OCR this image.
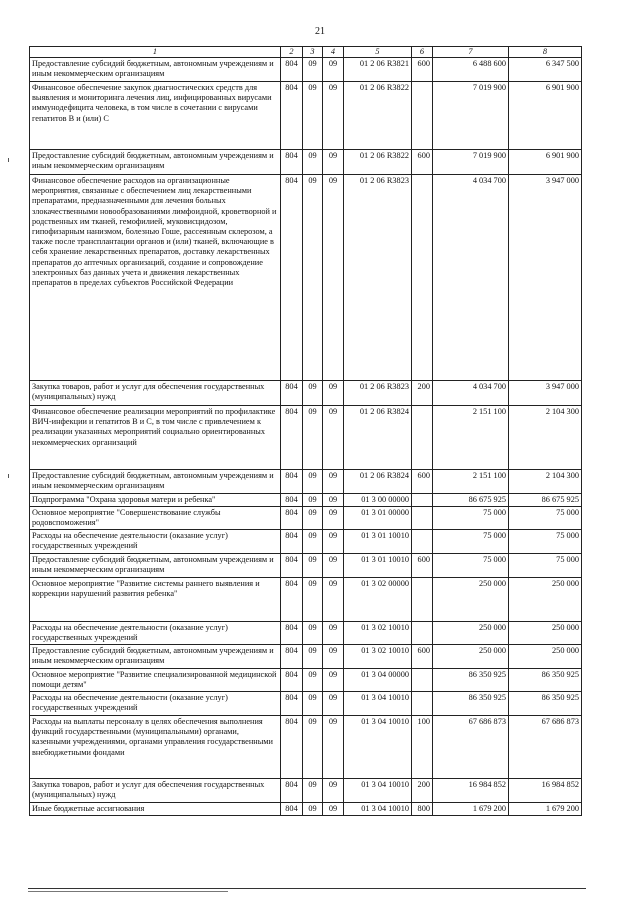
21
1	2	3	4	5	6	7	8
Предоставление субсидий бюджетным, автономным учреждениям и иным некоммерческим организациям	804	09	09	01 2 06 R3821	600	6 488 600	6 347 500
Финансовое обеспечение закупок диагностических средств для выявления и мониторинга лечения лиц, инфицированных вирусами иммунодефицита человека, в том числе в сочетании с вирусами гепатитов В и (или) С	804	09	09	01 2 06 R3822		7 019 900	6 901 900
Предоставление субсидий бюджетным, автономным учреждениям и иным некоммерческим организациям	804	09	09	01 2 06 R3822	600	7 019 900	6 901 900
Финансовое обеспечение расходов на организационные мероприятия, связанные с обеспечением лиц лекарственными препаратами, предназначенными для лечения больных злокачественными новообразованиями лимфоидной, кроветворной и родственных им тканей, гемофилией, муковисцидозом, гипофизарным нанизмом, болезнью Гоше, рассеянным склерозом, а также после трансплантации органов и (или) тканей, включающие в себя хранение лекарственных препаратов, доставку лекарственных препаратов до аптечных организаций, создание и сопровождение электронных баз данных учета и движения лекарственных препаратов в пределах субъектов Российской Федерации	804	09	09	01 2 06 R3823		4 034 700	3 947 000
Закупка товаров, работ и услуг для обеспечения государственных (муниципальных) нужд	804	09	09	01 2 06 R3823	200	4 034 700	3 947 000
Финансовое обеспечение реализации мероприятий по профилактике ВИЧ-инфекции и гепатитов В и С, в том числе с привлечением к реализации указанных мероприятий социально ориентированных некоммерческих организаций	804	09	09	01 2 06 R3824		2 151 100	2 104 300
Предоставление субсидий бюджетным, автономным учреждениям и иным некоммерческим организациям	804	09	09	01 2 06 R3824	600	2 151 100	2 104 300
Подпрограмма "Охрана здоровья матери и ребенка"	804	09	09	01 3 00 00000		86 675 925	86 675 925
Основное мероприятие "Совершенствование службы родовспоможения"	804	09	09	01 3 01 00000		75 000	75 000
Расходы на обеспечение деятельности (оказание услуг) государственных учреждений	804	09	09	01 3 01 10010		75 000	75 000
Предоставление субсидий бюджетным, автономным учреждениям и иным некоммерческим организациям	804	09	09	01 3 01 10010	600	75 000	75 000
Основное мероприятие "Развитие системы раннего выявления и коррекции нарушений развития ребенка"	804	09	09	01 3 02 00000		250 000	250 000
Расходы на обеспечение деятельности (оказание услуг) государственных учреждений	804	09	09	01 3 02 10010		250 000	250 000
Предоставление субсидий бюджетным, автономным учреждениям и иным некоммерческим организациям	804	09	09	01 3 02 10010	600	250 000	250 000
Основное мероприятие "Развитие специализированной медицинской помощи детям"	804	09	09	01 3 04 00000		86 350 925	86 350 925
Расходы на обеспечение деятельности (оказание услуг) государственных учреждений	804	09	09	01 3 04 10010		86 350 925	86 350 925
Расходы на выплаты персоналу в целях обеспечения выполнения функций государственными (муниципальными) органами, казенными учреждениями, органами управления государственными внебюджетными фондами	804	09	09	01 3 04 10010	100	67 686 873	67 686 873
Закупка товаров, работ и услуг для обеспечения государственных (муниципальных) нужд	804	09	09	01 3 04 10010	200	16 984 852	16 984 852
Иные бюджетные ассигнования	804	09	09	01 3 04 10010	800	1 679 200	1 679 200
